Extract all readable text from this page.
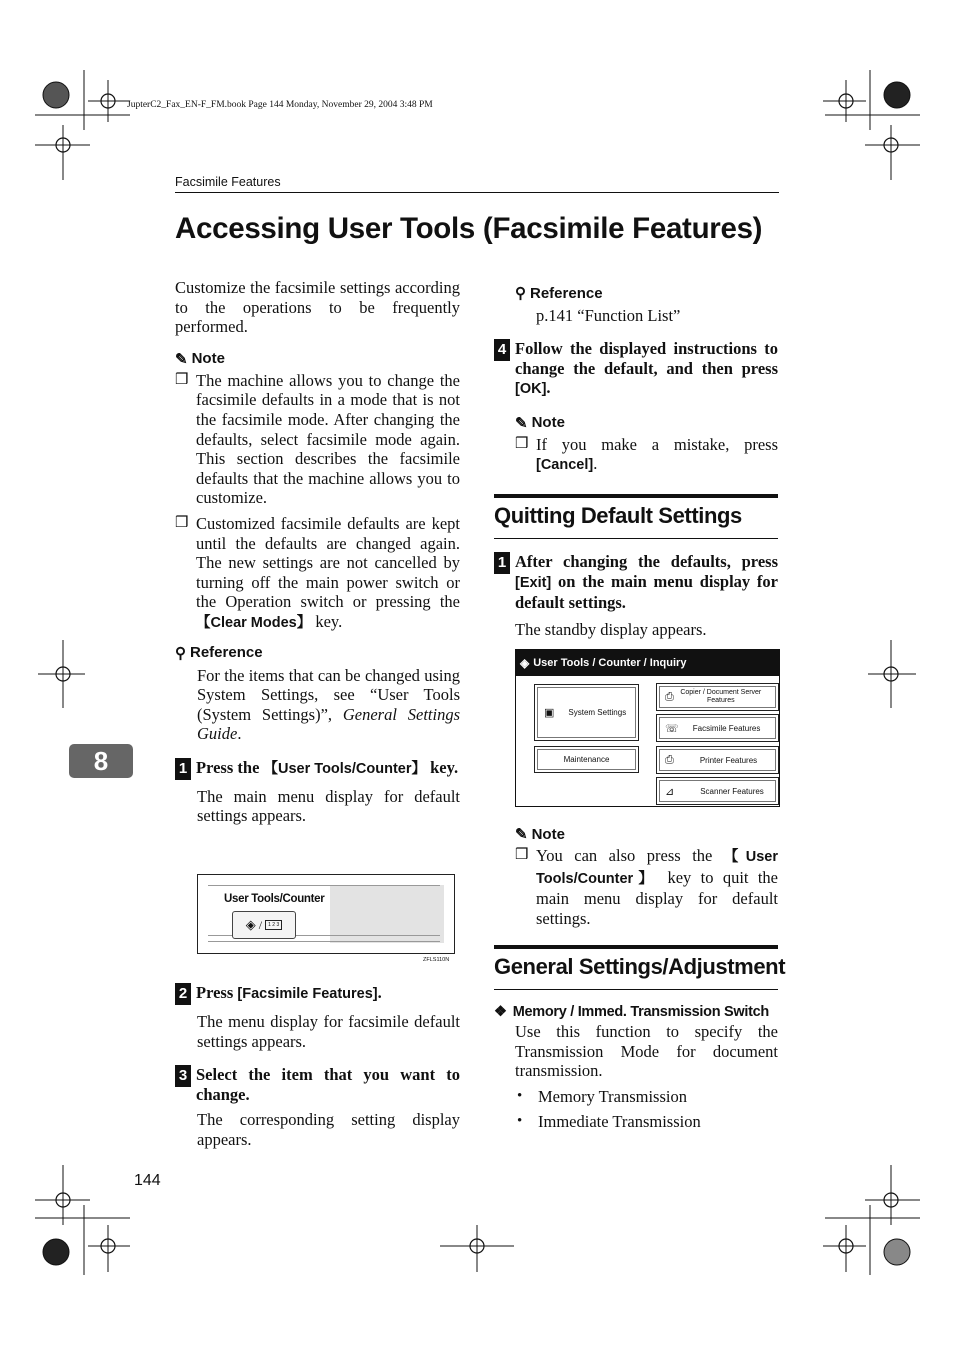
JupterC2_Fax_EN-F_FM.book Page 144 Monday, November 29, 2004 3:48 PM
Facsimile Features
Accessing User Tools (Facsimile Features)
8
Customize the facsimile settings according to the operations to be frequently performed.
✎ Note
❒ The machine allows you to change the facsimile defaults in a mode that is not the facsimile mode. After changing the defaults, select facsimile mode again. This section describes the facsimile defaults that the machine allows you to customize.
❒ Customized facsimile defaults are kept until the defaults are changed again. The new settings are not cancelled by turning off the main power switch or the Operation switch or pressing the 【Clear Modes】 key.
⚲ Reference
For the items that can be changed using System Settings, see “User Tools (System Settings)”, General Settings Guide.
1 Press the 【User Tools/Counter】 key.
The main menu display for default settings appears.
User Tools/Counter
◈ /	1 2 3
ZFLS110N
2 Press [Facsimile Features].
The menu display for facsimile default settings appears.
3 Select the item that you want to change.
The corresponding setting display appears.
144
⚲ Reference
p.141 “Function List”
4 Follow the displayed instructions to change the default, and then press [OK].
✎ Note
❒ If you make a mistake, press [Cancel].
Quitting Default Settings
1 After changing the defaults, press [Exit] on the main menu display for default settings.
The standby display appears.
◈ User Tools / Counter / Inquiry
▣ System Settings
Maintenance
⎙ Copier / Document Server Features
☏ Facsimile Features
⎙	Printer Features
⊿	Scanner Features
✎ Note
❒ You can also press the 【User Tools/Counter】 key to quit the main menu display for default settings.
General Settings/Adjustment
❖ Memory / Immed. Transmission Switch
Use this function to specify the Transmission Mode for document transmission.
• Memory Transmission
• Immediate Transmission
